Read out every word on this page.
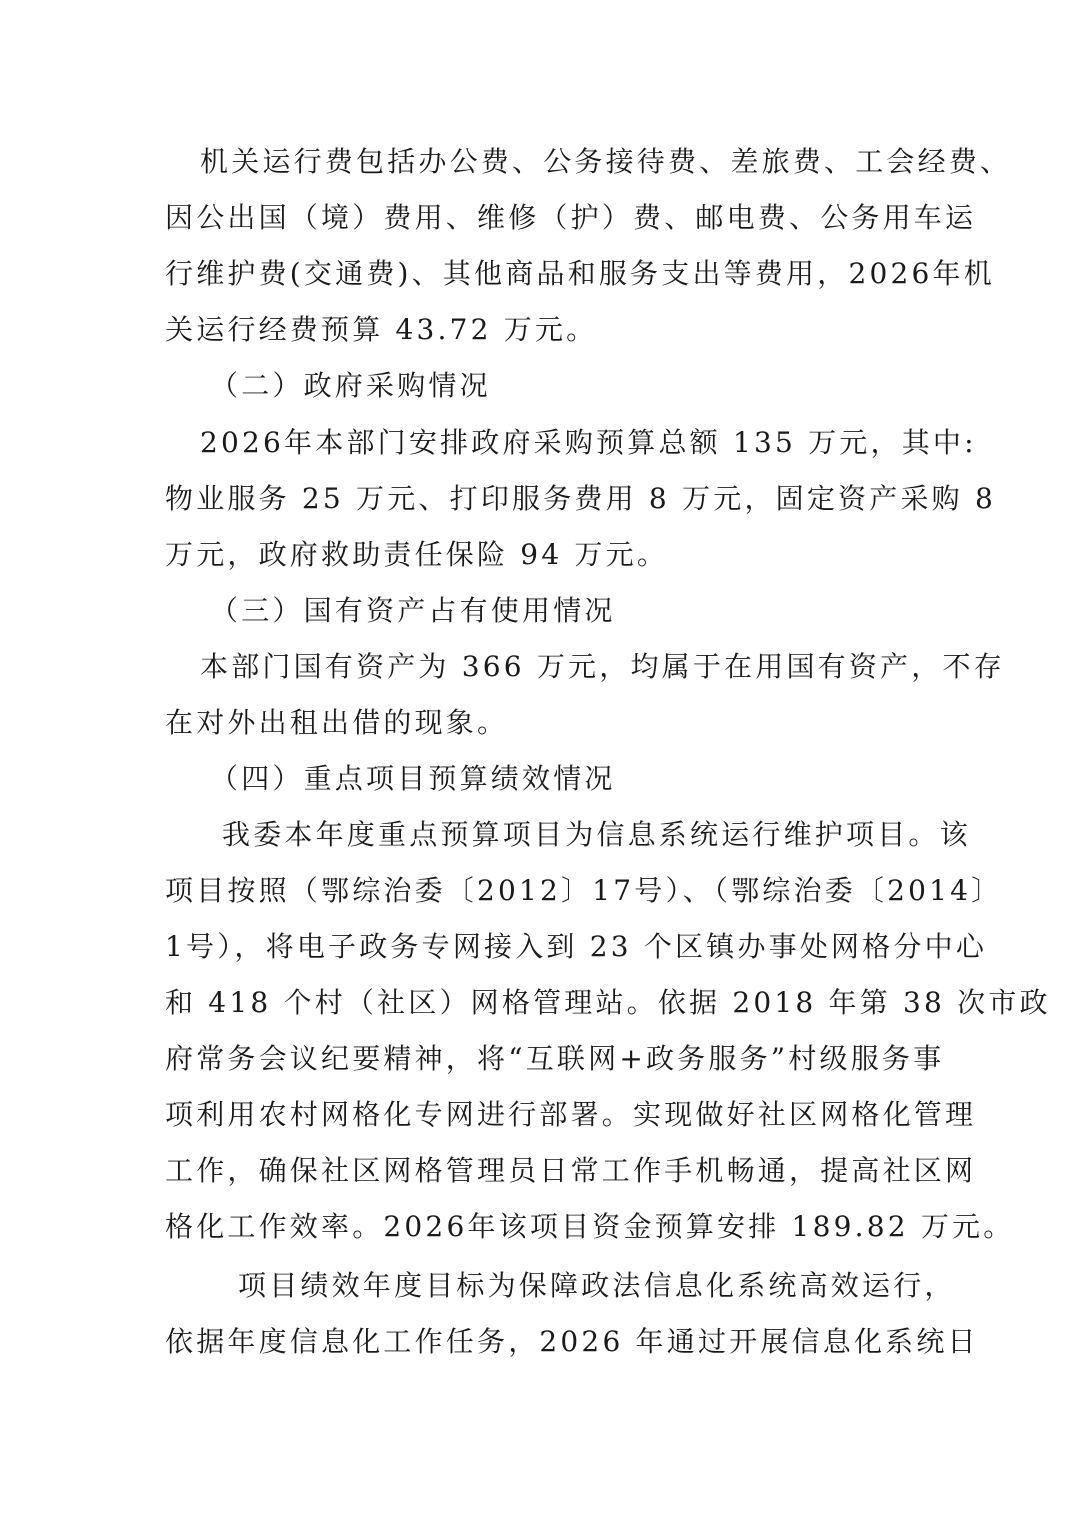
机关运行费包括办公费、公务接待费、差旅费、工会经费、
因公出国（境）费用、维修（护）费、邮电费、公务用车运
行维护费(交通费)、其他商品和服务支出等费用，2026年机
关运行经费预算 43.72 万元。
（二）政府采购情况
2026年本部门安排政府采购预算总额 135 万元，其中:
物业服务 25 万元、打印服务费用 8 万元，固定资产采购 8
万元，政府救助责任保险 94 万元。
（三）国有资产占有使用情况
本部门国有资产为 366 万元，均属于在用国有资产，不存
在对外出租出借的现象。
（四）重点项目预算绩效情况
我委本年度重点预算项目为信息系统运行维护项目。该
项目按照（鄂综治委〔2012〕17号）、（鄂综治委〔2014〕
1号），将电子政务专网接入到 23 个区镇办事处网格分中心
和 418 个村（社区）网格管理站。依据 2018 年第 38 次市政
府常务会议纪要精神，将“互联网+政务服务”村级服务事
项利用农村网格化专网进行部署。实现做好社区网格化管理
工作，确保社区网格管理员日常工作手机畅通，提高社区网
格化工作效率。2026年该项目资金预算安排 189.82 万元。
项目绩效年度目标为保障政法信息化系统高效运行，
依据年度信息化工作任务，2026 年通过开展信息化系统日
